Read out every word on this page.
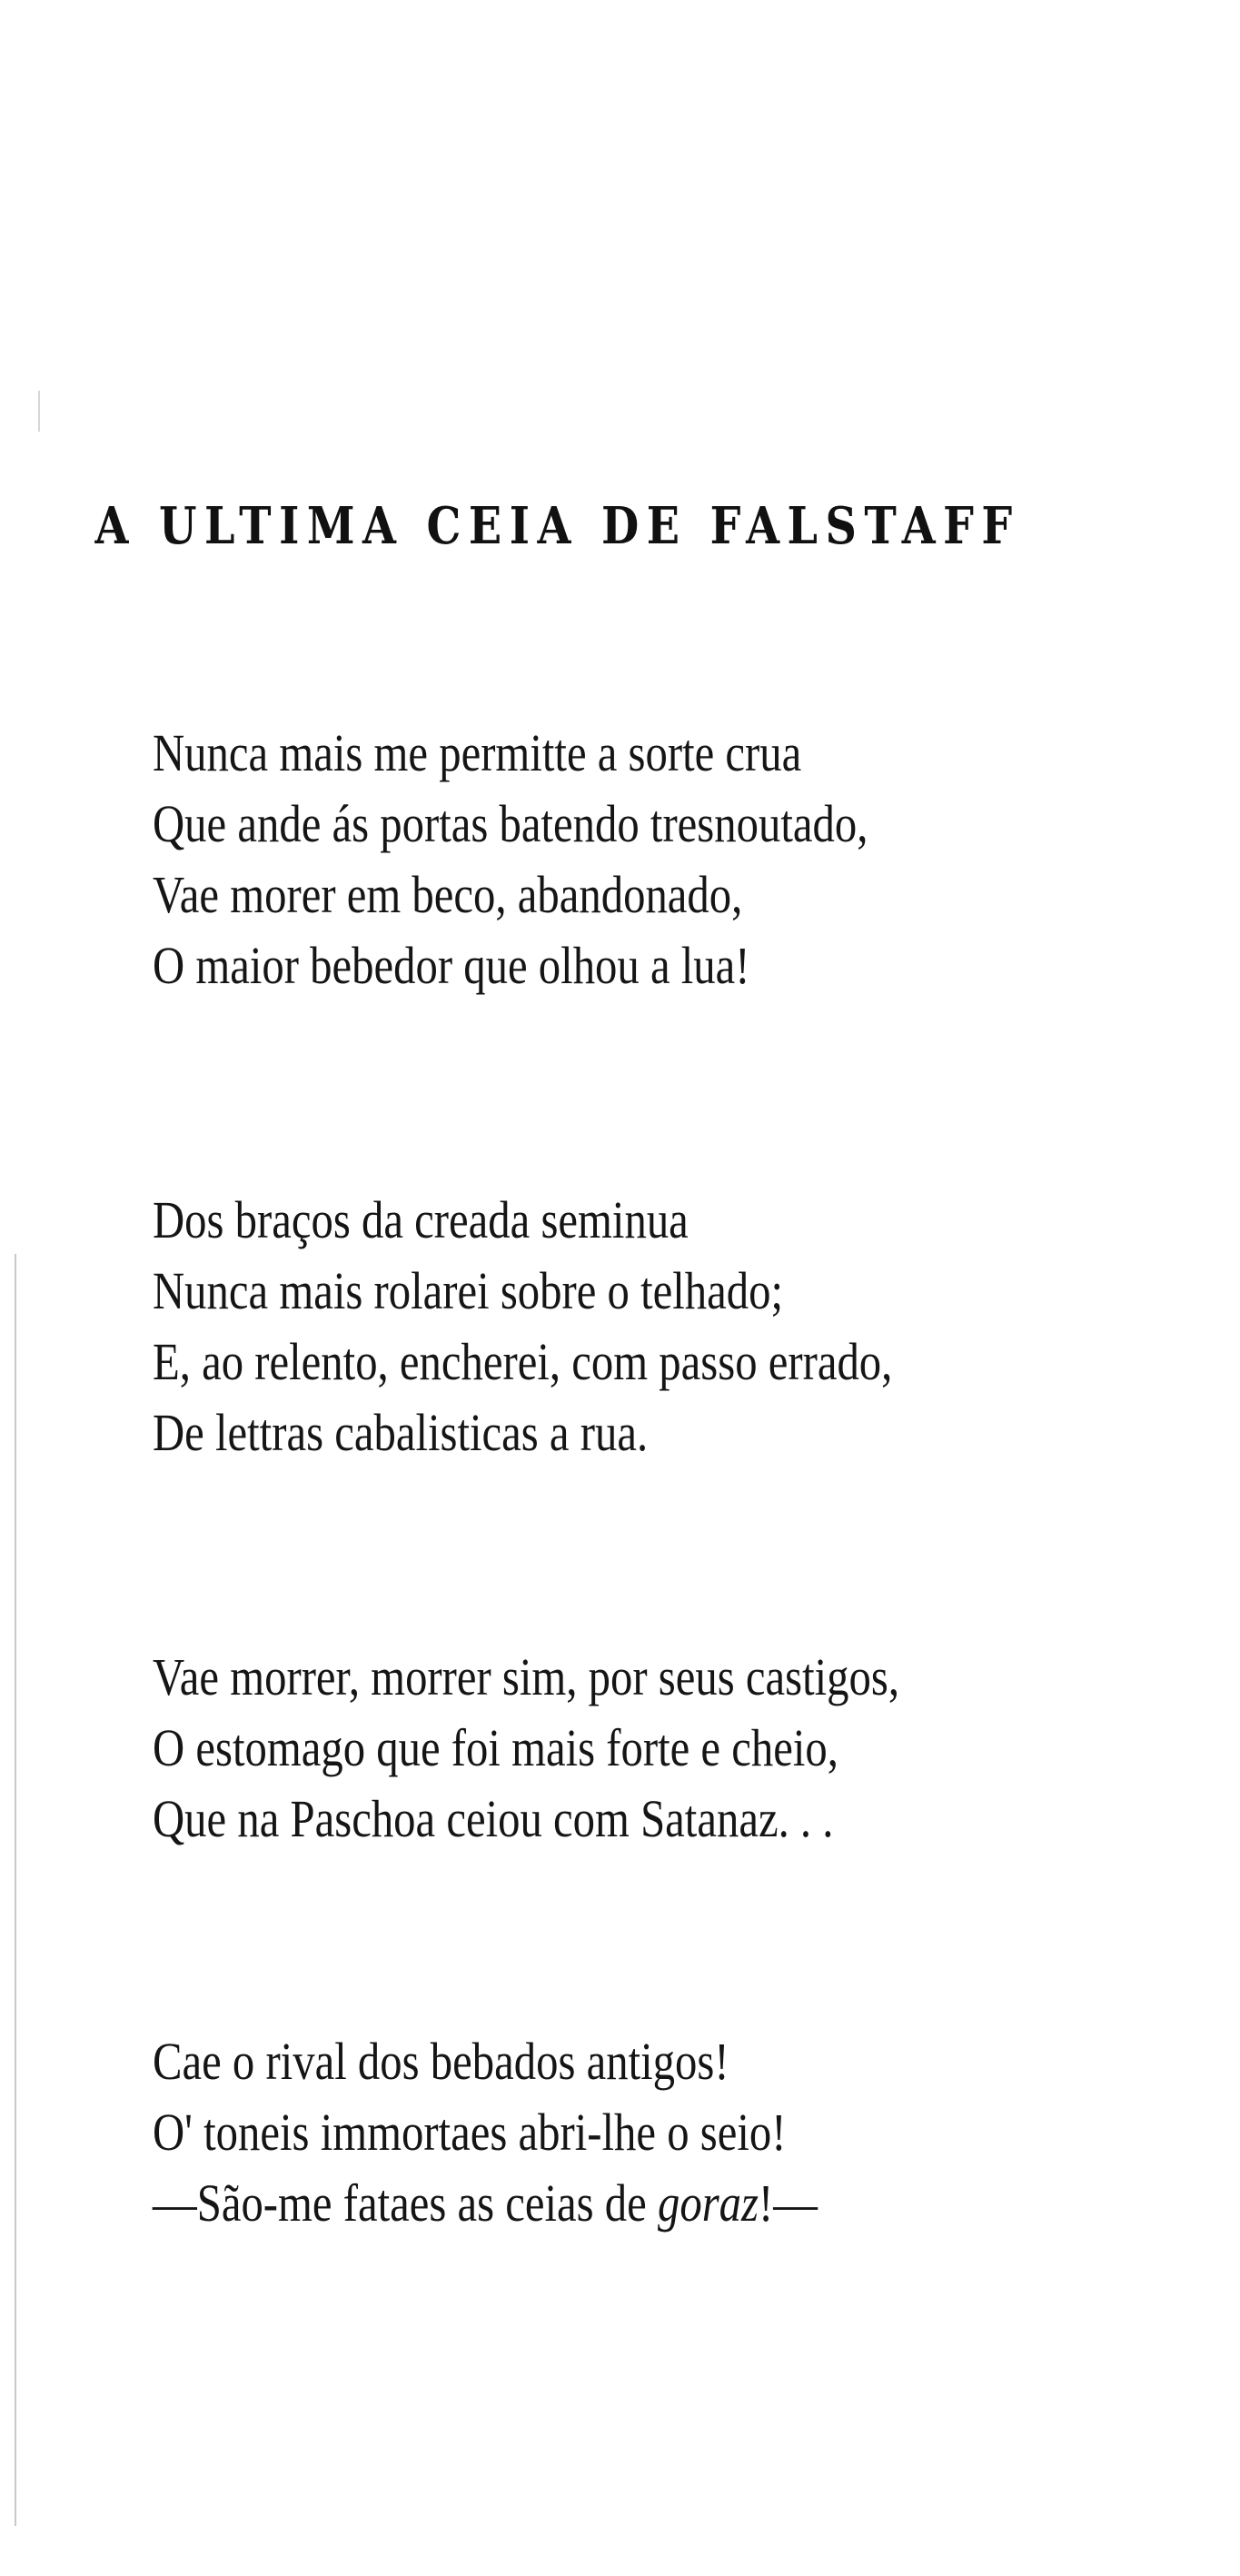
A ULTIMA CEIA DE FALSTAFF
Nunca mais me permitte a sorte crua
Que ande ás portas batendo tresnoutado,
Vae morer em beco, abandonado,
O maior bebedor que olhou a lua!
Dos braços da creada seminua
Nunca mais rolarei sobre o telhado;
E, ao relento, encherei, com passo errado,
De lettras cabalisticas a rua.
Vae morrer, morrer sim, por seus castigos,
O estomago que foi mais forte e cheio,
Que na Paschoa ceiou com Satanaz. . .
Cae o rival dos bebados antigos!
O' toneis immortaes abri-lhe o seio!
—São-me fataes as ceias de goraz!—
